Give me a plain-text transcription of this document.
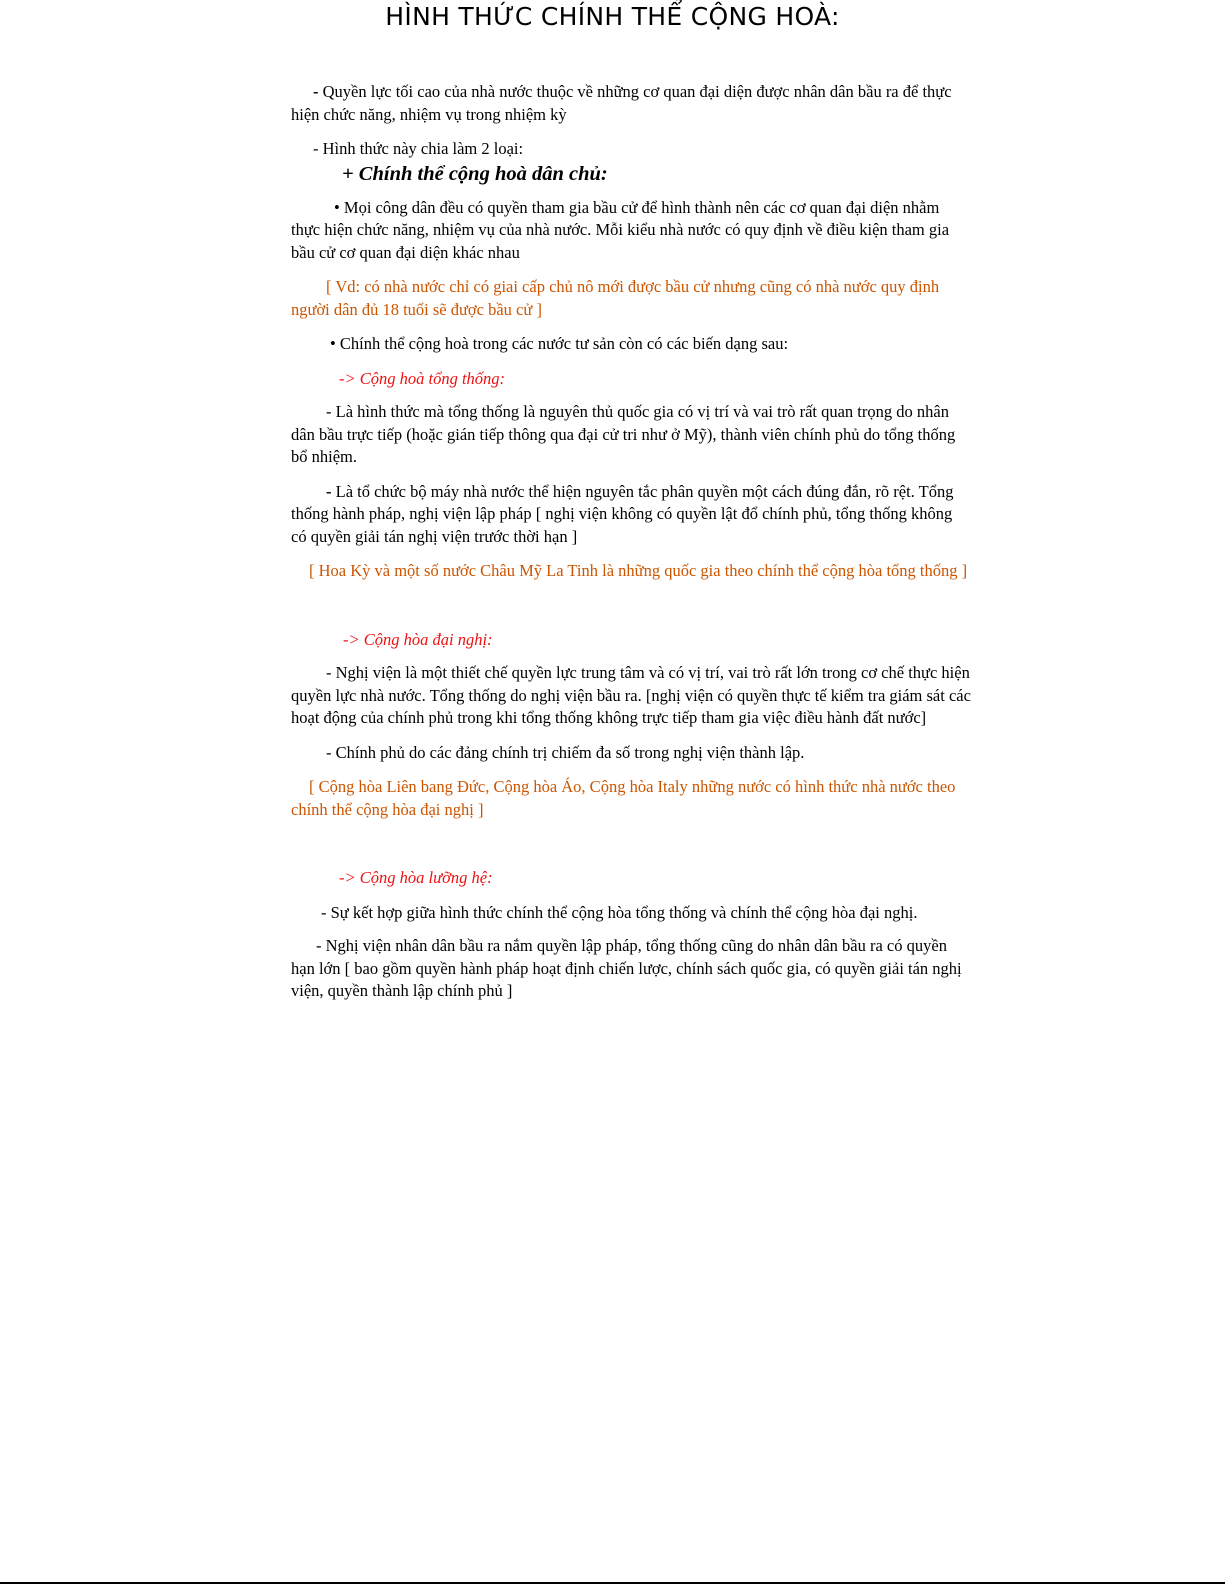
HÌNH THỨC CHÍNH THỂ CỘNG HOÀ:

- Quyền lực tối cao của nhà nước thuộc về những cơ quan đại diện được nhân dân bầu ra để thực hiện chức năng, nhiệm vụ trong nhiệm kỳ

- Hình thức này chia làm 2 loại:

+ Chính thể cộng hoà dân chủ:

• Mọi công dân đều có quyền tham gia bầu cử để hình thành nên các cơ quan đại diện nhằm thực hiện chức năng, nhiệm vụ của nhà nước. Mỗi kiểu nhà nước có quy định về điều kiện tham gia bầu cử cơ quan đại diện khác nhau

[ Vd: có nhà nước chỉ có giai cấp chủ nô mới được bầu cử nhưng cũng có nhà nước quy định người dân đủ 18 tuổi sẽ được bầu cử ]

• Chính thể cộng hoà trong các nước tư sản còn có các biến dạng sau:

-> Cộng hoà tổng thống:

- Là hình thức mà tổng thống là nguyên thủ quốc gia có vị trí và vai trò rất quan trọng do nhân dân bầu trực tiếp (hoặc gián tiếp thông qua đại cử tri như ở Mỹ), thành viên chính phủ do tổng thống bổ nhiệm.

- Là tổ chức bộ máy nhà nước thể hiện nguyên tắc phân quyền một cách đúng đắn, rõ rệt. Tổng thống hành pháp, nghị viện lập pháp [ nghị viện không có quyền lật đổ chính phủ, tổng thống không có quyền giải tán nghị viện trước thời hạn ]

[ Hoa Kỳ và một số nước Châu Mỹ La Tinh là những quốc gia theo chính thể cộng hòa tổng thống ]

-> Cộng hòa đại nghị:

- Nghị viện là một thiết chế quyền lực trung tâm và có vị trí, vai trò rất lớn trong cơ chế thực hiện quyền lực nhà nước. Tổng thống do nghị viện bầu ra. [nghị viện có quyền thực tế kiểm tra giám sát các hoạt động của chính phủ trong khi tổng thống không trực tiếp tham gia việc điều hành đất nước]

- Chính phủ do các đảng chính trị chiếm đa số trong nghị viện thành lập.

[ Cộng hòa Liên bang Đức, Cộng hòa Áo, Cộng hòa Italy những nước có hình thức nhà nước theo chính thể cộng hòa đại nghị ]

-> Cộng hòa lưỡng hệ:

- Sự kết hợp giữa hình thức chính thể cộng hòa tổng thống và chính thể cộng hòa đại nghị.

- Nghị viện nhân dân bầu ra nắm quyền lập pháp, tổng thống cũng do nhân dân bầu ra có quyền hạn lớn [ bao gồm quyền hành pháp hoạt định chiến lược, chính sách quốc gia, có quyền giải tán nghị viện, quyền thành lập chính phủ ]
